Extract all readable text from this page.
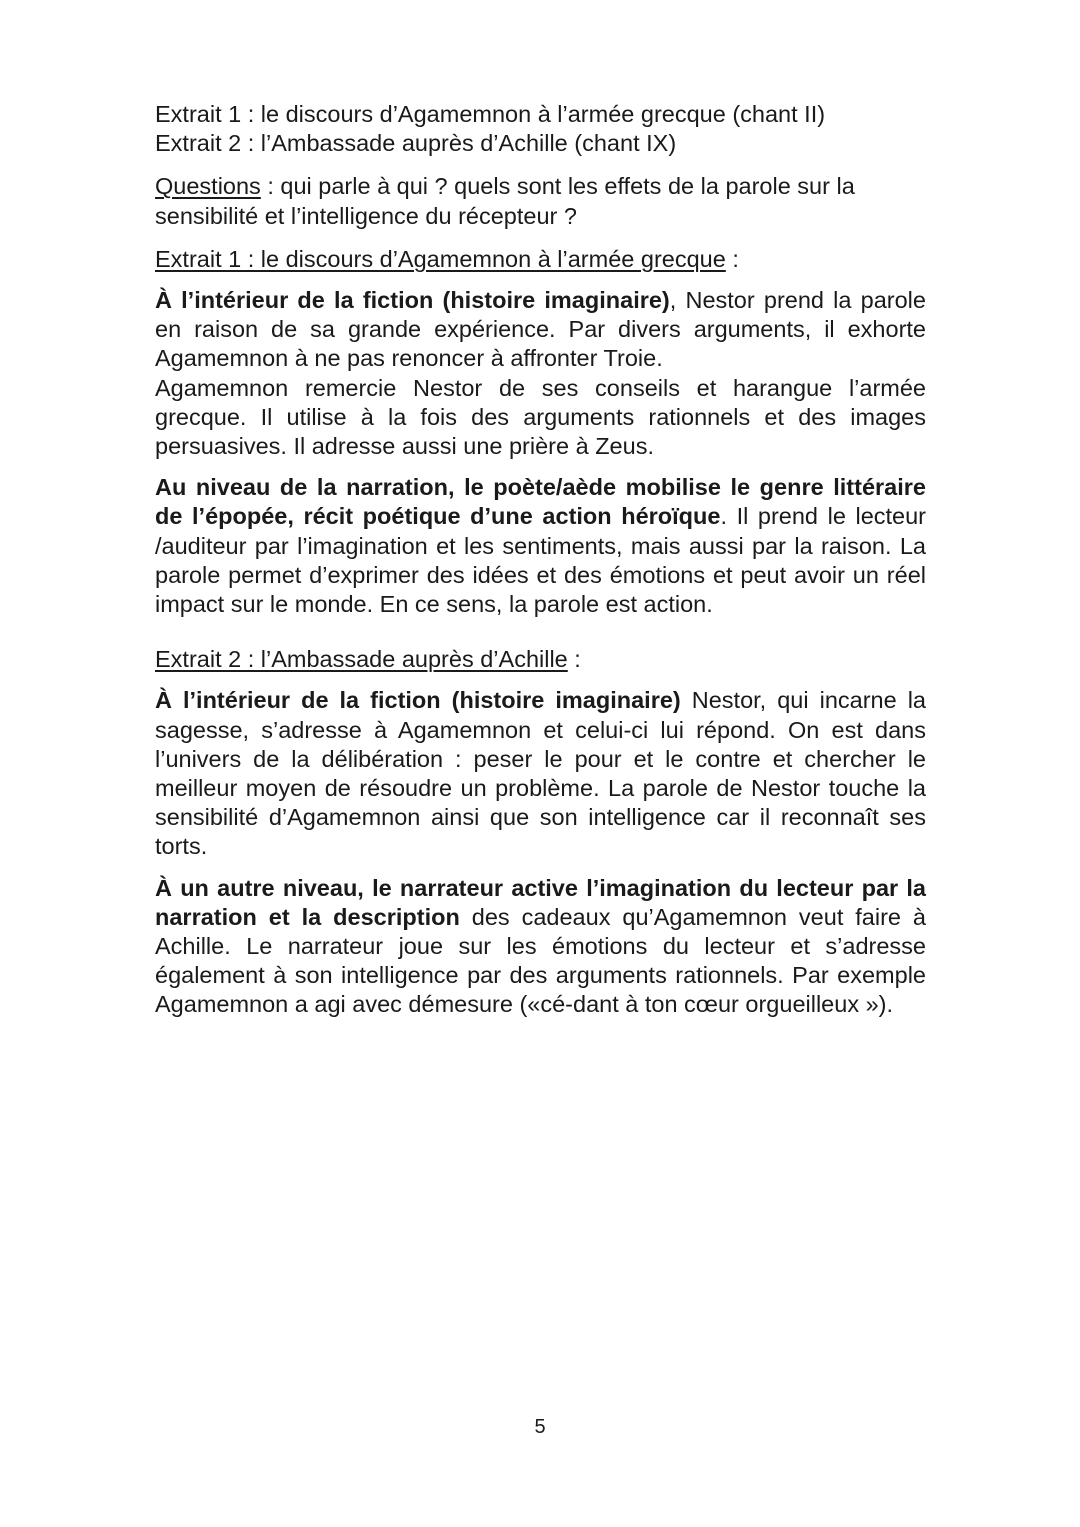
Extrait 1 : le discours d’Agamemnon à l’armée grecque (chant II)

Extrait 2 : l’Ambassade auprès d’Achille (chant IX)

Questions : qui parle à qui ? quels sont les effets de la parole sur la sensibilité et l’intelligence du récepteur ?

Extrait 1 : le discours d’Agamemnon à l’armée grecque :

À l’intérieur de la fiction (histoire imaginaire), Nestor prend la parole en raison de sa grande expérience. Par divers arguments, il exhorte Agamemnon à ne pas renoncer à affronter Troie.

Agamemnon remercie Nestor de ses conseils et harangue l’armée grecque. Il utilise à la fois des arguments rationnels et des images persuasives. Il adresse aussi une prière à Zeus.

Au niveau de la narration, le poète/aède mobilise le genre littéraire de l’épopée, récit poétique d’une action héroïque. Il prend le lecteur /auditeur par l’imagination et les sentiments, mais aussi par la raison. La parole permet d’exprimer des idées et des émotions et peut avoir un réel impact sur le monde. En ce sens, la parole est action.

Extrait 2 : l’Ambassade auprès d’Achille :

À l’intérieur de la fiction (histoire imaginaire) Nestor, qui incarne la sagesse, s’adresse à Agamemnon et celui-ci lui répond. On est dans l’univers de la délibération : peser le pour et le contre et chercher le meilleur moyen de résoudre un problème. La parole de Nestor touche la sensibilité d’Agamemnon ainsi que son intelligence car il reconnaît ses torts.

À un autre niveau, le narrateur active l’imagination du lecteur par la narration et la description des cadeaux qu’Agamemnon veut faire à Achille. Le narrateur joue sur les émotions du lecteur et s’adresse également à son intelligence par des arguments rationnels. Par exemple Agamemnon a agi avec démesure («cé-dant à ton cœur orgueilleux »).

5
